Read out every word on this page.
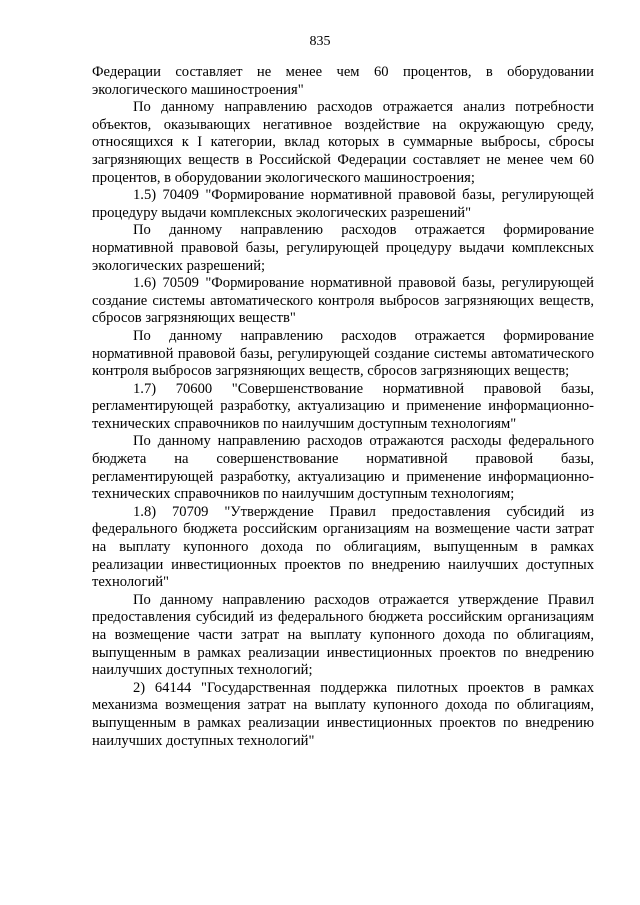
835

Федерации составляет не менее чем 60 процентов, в оборудовании экологического машиностроения"

По данному направлению расходов отражается анализ потребности объектов, оказывающих негативное воздействие на окружающую среду, относящихся к I категории, вклад которых в суммарные выбросы, сбросы загрязняющих веществ в Российской Федерации составляет не менее чем 60 процентов, в оборудовании экологического машиностроения;

1.5) 70409 "Формирование нормативной правовой базы, регулирующей процедуру выдачи комплексных экологических разрешений"

По данному направлению расходов отражается формирование нормативной правовой базы, регулирующей процедуру выдачи комплексных экологических разрешений;

1.6) 70509 "Формирование нормативной правовой базы, регулирующей создание системы автоматического контроля выбросов загрязняющих веществ, сбросов загрязняющих веществ"

По данному направлению расходов отражается формирование нормативной правовой базы, регулирующей создание системы автоматического контроля выбросов загрязняющих веществ, сбросов загрязняющих веществ;

1.7) 70600 "Совершенствование нормативной правовой базы, регламентирующей разработку, актуализацию и применение информационно-технических справочников по наилучшим доступным технологиям"

По данному направлению расходов отражаются расходы федерального бюджета на совершенствование нормативной правовой базы, регламентирующей разработку, актуализацию и применение информационно-технических справочников по наилучшим доступным технологиям;

1.8) 70709 "Утверждение Правил предоставления субсидий из федерального бюджета российским организациям на возмещение части затрат на выплату купонного дохода по облигациям, выпущенным в рамках реализации инвестиционных проектов по внедрению наилучших доступных технологий"

По данному направлению расходов отражается утверждение Правил предоставления субсидий из федерального бюджета российским организациям на возмещение части затрат на выплату купонного дохода по облигациям, выпущенным в рамках реализации инвестиционных проектов по внедрению наилучших доступных технологий;

2) 64144 "Государственная поддержка пилотных проектов в рамках механизма возмещения затрат на выплату купонного дохода по облигациям, выпущенным в рамках реализации инвестиционных проектов по внедрению наилучших доступных технологий"
